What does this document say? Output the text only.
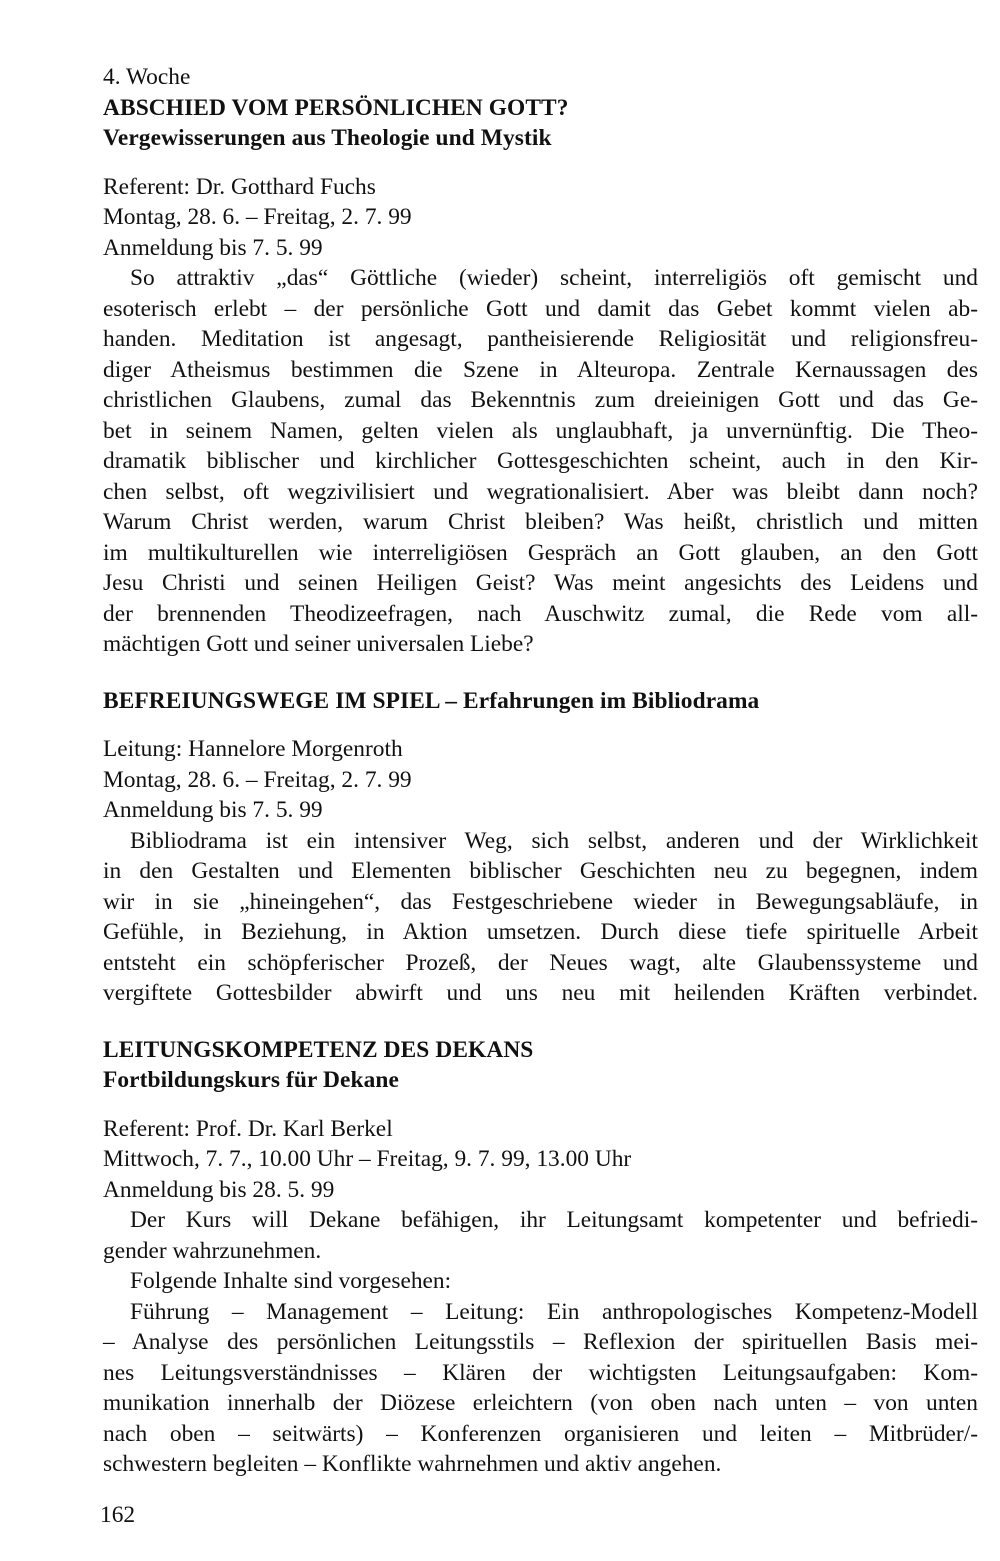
4. Woche
ABSCHIED VOM PERSÖNLICHEN GOTT?
Vergewisserungen aus Theologie und Mystik
Referent: Dr. Gotthard Fuchs
Montag, 28. 6. – Freitag, 2. 7. 99
Anmeldung bis 7. 5. 99
So attraktiv „das“ Göttliche (wieder) scheint, interreligiös oft gemischt und
esoterisch erlebt – der persönliche Gott und damit das Gebet kommt vielen ab-
handen. Meditation ist angesagt, pantheisierende Religiosität und religionsfreu-
diger Atheismus bestimmen die Szene in Alteuropa. Zentrale Kernaussagen des
christlichen Glaubens, zumal das Bekenntnis zum dreieinigen Gott und das Ge-
bet in seinem Namen, gelten vielen als unglaubhaft, ja unvernünftig. Die Theo-
dramatik biblischer und kirchlicher Gottesgeschichten scheint, auch in den Kir-
chen selbst, oft wegzivilisiert und wegrationalisiert. Aber was bleibt dann noch?
Warum Christ werden, warum Christ bleiben? Was heißt, christlich und mitten
im multikulturellen wie interreligiösen Gespräch an Gott glauben, an den Gott
Jesu Christi und seinen Heiligen Geist? Was meint angesichts des Leidens und
der brennenden Theodizeefragen, nach Auschwitz zumal, die Rede vom all-
mächtigen Gott und seiner universalen Liebe?
BEFREIUNGSWEGE IM SPIEL – Erfahrungen im Bibliodrama
Leitung: Hannelore Morgenroth
Montag, 28. 6. – Freitag, 2. 7. 99
Anmeldung bis 7. 5. 99
Bibliodrama ist ein intensiver Weg, sich selbst, anderen und der Wirklichkeit
in den Gestalten und Elementen biblischer Geschichten neu zu begegnen, indem
wir in sie „hineingehen“, das Festgeschriebene wieder in Bewegungsabläufe, in
Gefühle, in Beziehung, in Aktion umsetzen. Durch diese tiefe spirituelle Arbeit
entsteht ein schöpferischer Prozeß, der Neues wagt, alte Glaubenssysteme und
vergiftete Gottesbilder abwirft und uns neu mit heilenden Kräften verbindet.
LEITUNGSKOMPETENZ DES DEKANS
Fortbildungskurs für Dekane
Referent: Prof. Dr. Karl Berkel
Mittwoch, 7. 7., 10.00 Uhr – Freitag, 9. 7. 99, 13.00 Uhr
Anmeldung bis 28. 5. 99
Der Kurs will Dekane befähigen, ihr Leitungsamt kompetenter und befriedi-
gender wahrzunehmen.
Folgende Inhalte sind vorgesehen:
Führung – Management – Leitung: Ein anthropologisches Kompetenz-Modell
– Analyse des persönlichen Leitungsstils – Reflexion der spirituellen Basis mei-
nes Leitungsverständnisses – Klären der wichtigsten Leitungsaufgaben: Kom-
munikation innerhalb der Diözese erleichtern (von oben nach unten – von unten
nach oben – seitwärts) – Konferenzen organisieren und leiten – Mitbrüder/-
schwestern begleiten – Konflikte wahrnehmen und aktiv angehen.
162
